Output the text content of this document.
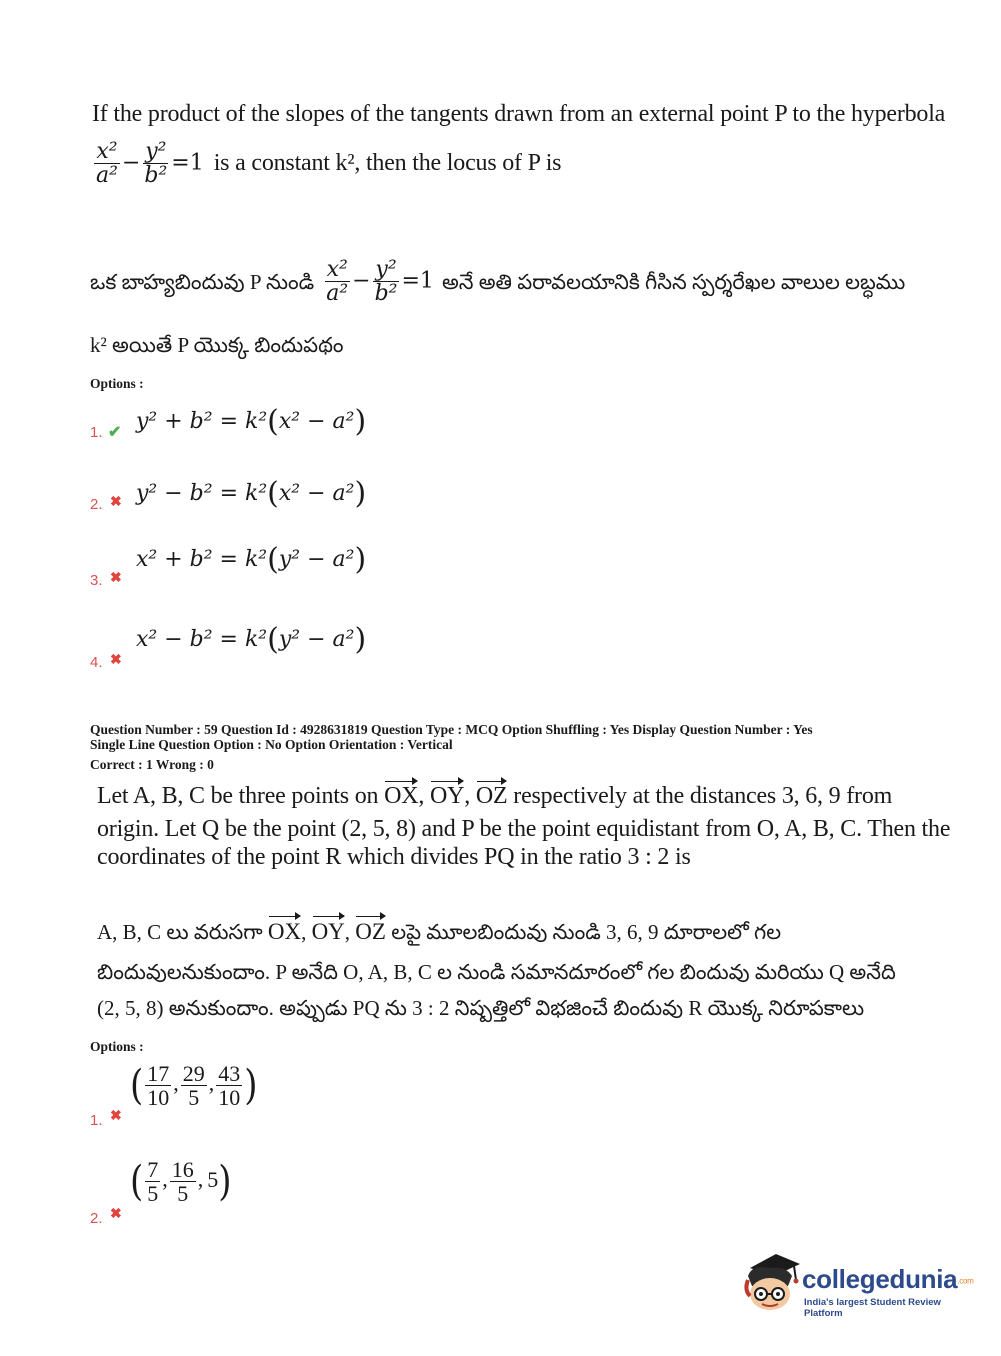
If the product of the slopes of the tangents drawn from an external point P to the hyperbola
$\frac{\text{x²}}{\text{a²}} - \frac{\text{y²}}{\text{b²}} =1$ is a constant k², then the locus of P is
ఒక బాహ్యబిందువు P నుండి $\frac{\text{x²}}{\text{a²}} - \frac{\text{y²}}{\text{b²}} =1$ అనే అతి పరావలయానికి గీసిన స్పర్శరేఖల వాలుల లబ్ధము
k² అయితే P యొక్క బిందుపథం
Options :
1. ✔ y² + b² = k²(x² − a²)
2. ✖ y² − b² = k²(x² − a²)
3. ✖
x² + b² = k²(y² − a²)
4. ✖
x² − b² = k²(y² − a²)
Question Number : 59 Question Id : 4928631819 Question Type : MCQ Option Shuffling : Yes Display Question Number : Yes
Single Line Question Option : No Option Orientation : Vertical
Correct : 1 Wrong : 0
Let A, B, C be three points on OX, OY, OZ respectively at the distances 3, 6, 9 from
origin. Let Q be the point (2, 5, 8) and P be the point equidistant from O, A, B, C. Then the
coordinates of the point R which divides PQ in the ratio 3 : 2 is
A, B, C లు వరుసగా OX, OY, OZ లపై మూలబిందువు నుండి 3, 6, 9 దూరాలలో గల
బిందువులనుకుందాం. P అనేది O, A, B, C ల నుండి సమానదూరంలో గల బిందువు మరియు Q అనేది
(2, 5, 8) అనుకుందాం. అప్పుడు PQ ను 3 : 2 నిష్పత్తిలో విభజించే బిందువు R యొక్క నిరూపకాలు
Options :
1. ✖
( $\frac{17}{10}$ , $\frac{29}{5}$ , $\frac{43}{10}$ )
2. ✖
( $\frac{7}{5}$ , $\frac{16}{5}$ , 5)
collegedunia.com
India's largest Student Review Platform
